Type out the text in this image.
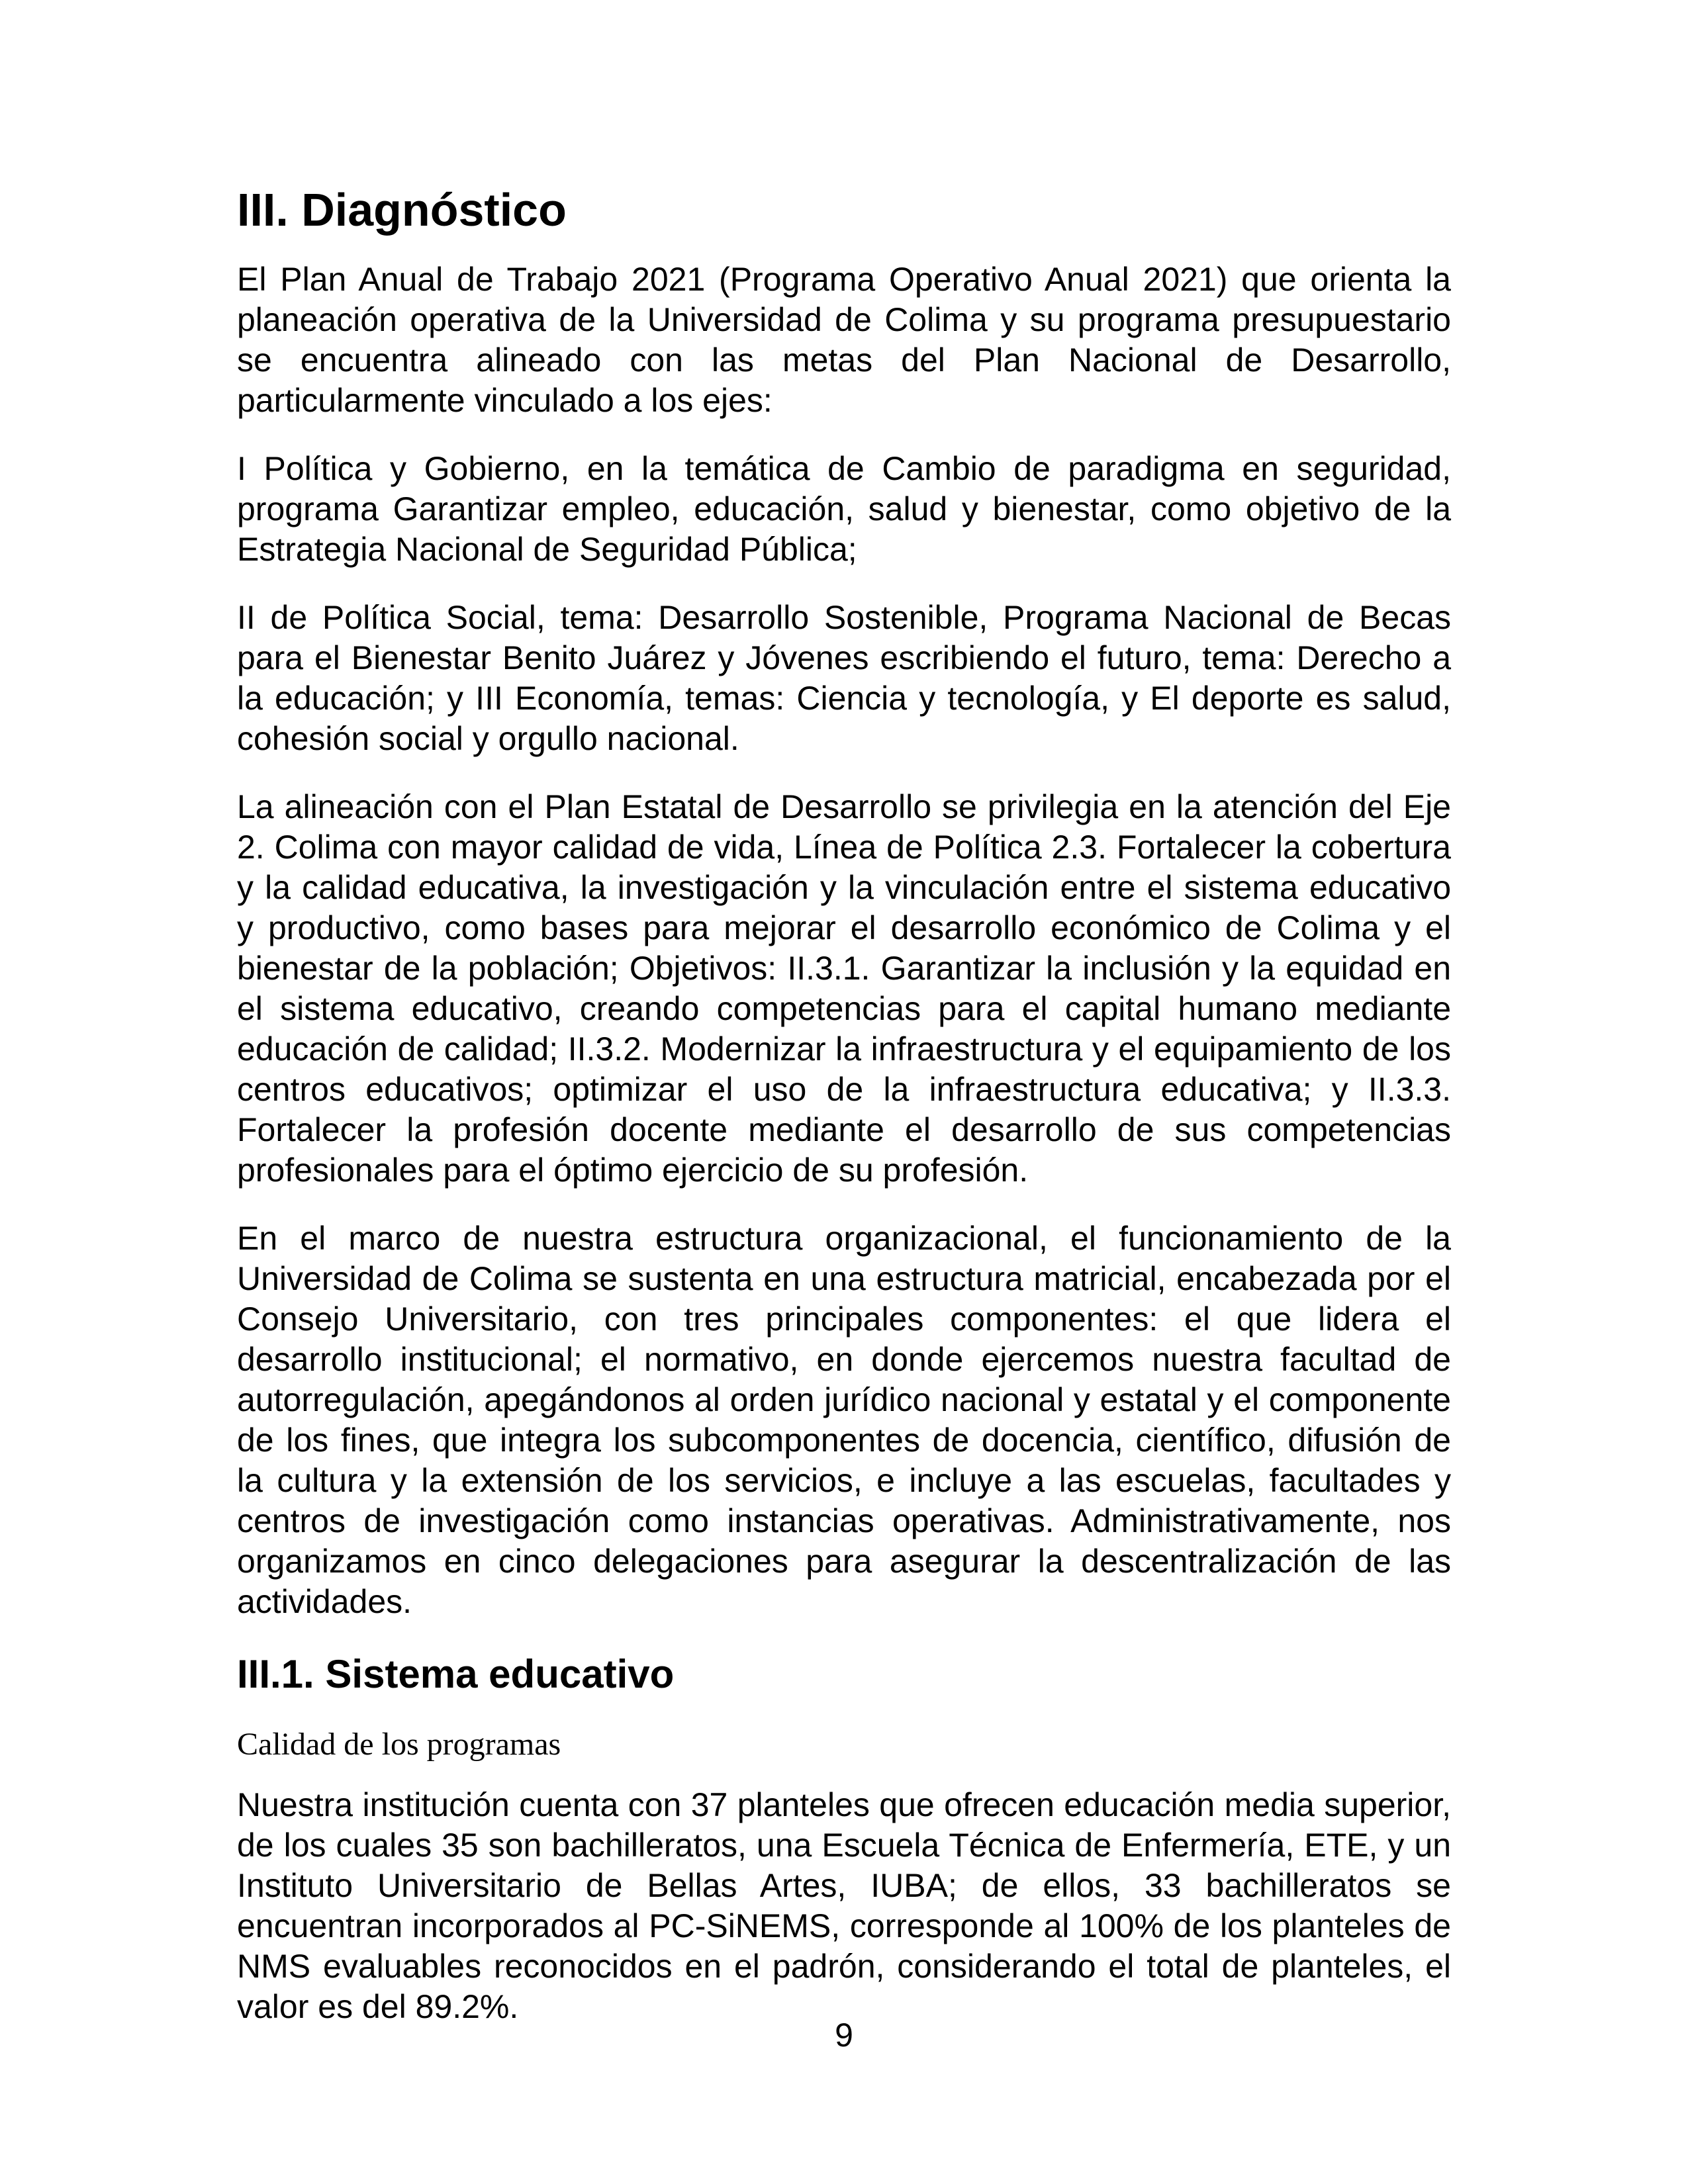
III. Diagnóstico

El Plan Anual de Trabajo 2021 (Programa Operativo Anual 2021) que orienta la planeación operativa de la Universidad de Colima y su programa presupuestario se encuentra alineado con las metas del Plan Nacional de Desarrollo, particularmente vinculado a los ejes:

I Política y Gobierno, en la temática de Cambio de paradigma en seguridad, programa Garantizar empleo, educación, salud y bienestar, como objetivo de la Estrategia Nacional de Seguridad Pública;

II de Política Social, tema: Desarrollo Sostenible, Programa Nacional de Becas para el Bienestar Benito Juárez y Jóvenes escribiendo el futuro, tema: Derecho a la educación; y III Economía, temas: Ciencia y tecnología, y El deporte es salud, cohesión social y orgullo nacional.

La alineación con el Plan Estatal de Desarrollo se privilegia en la atención del Eje 2. Colima con mayor calidad de vida, Línea de Política 2.3. Fortalecer la cobertura y la calidad educativa, la investigación y la vinculación entre el sistema educativo y productivo, como bases para mejorar el desarrollo económico de Colima y el bienestar de la población; Objetivos: II.3.1. Garantizar la inclusión y la equidad en el sistema educativo, creando competencias para el capital humano mediante educación de calidad; II.3.2. Modernizar la infraestructura y el equipamiento de los centros educativos; optimizar el uso de la infraestructura educativa; y II.3.3. Fortalecer la profesión docente mediante el desarrollo de sus competencias profesionales para el óptimo ejercicio de su profesión.

En el marco de nuestra estructura organizacional, el funcionamiento de la Universidad de Colima se sustenta en una estructura matricial, encabezada por el Consejo Universitario, con tres principales componentes: el que lidera el desarrollo institucional; el normativo, en donde ejercemos nuestra facultad de autorregulación, apegándonos al orden jurídico nacional y estatal y el componente de los fines, que integra los subcomponentes de docencia, científico, difusión de la cultura y la extensión de los servicios, e incluye a las escuelas, facultades y centros de investigación como instancias operativas. Administrativamente, nos organizamos en cinco delegaciones para asegurar la descentralización de las actividades.

III.1. Sistema educativo
Calidad de los programas

Nuestra institución cuenta con 37 planteles que ofrecen educación media superior, de los cuales 35 son bachilleratos, una Escuela Técnica de Enfermería, ETE, y un Instituto Universitario de Bellas Artes, IUBA; de ellos, 33 bachilleratos se encuentran incorporados al PC-SiNEMS, corresponde al 100% de los planteles de NMS evaluables reconocidos en el padrón, considerando el total de planteles, el valor es del 89.2%.

9
